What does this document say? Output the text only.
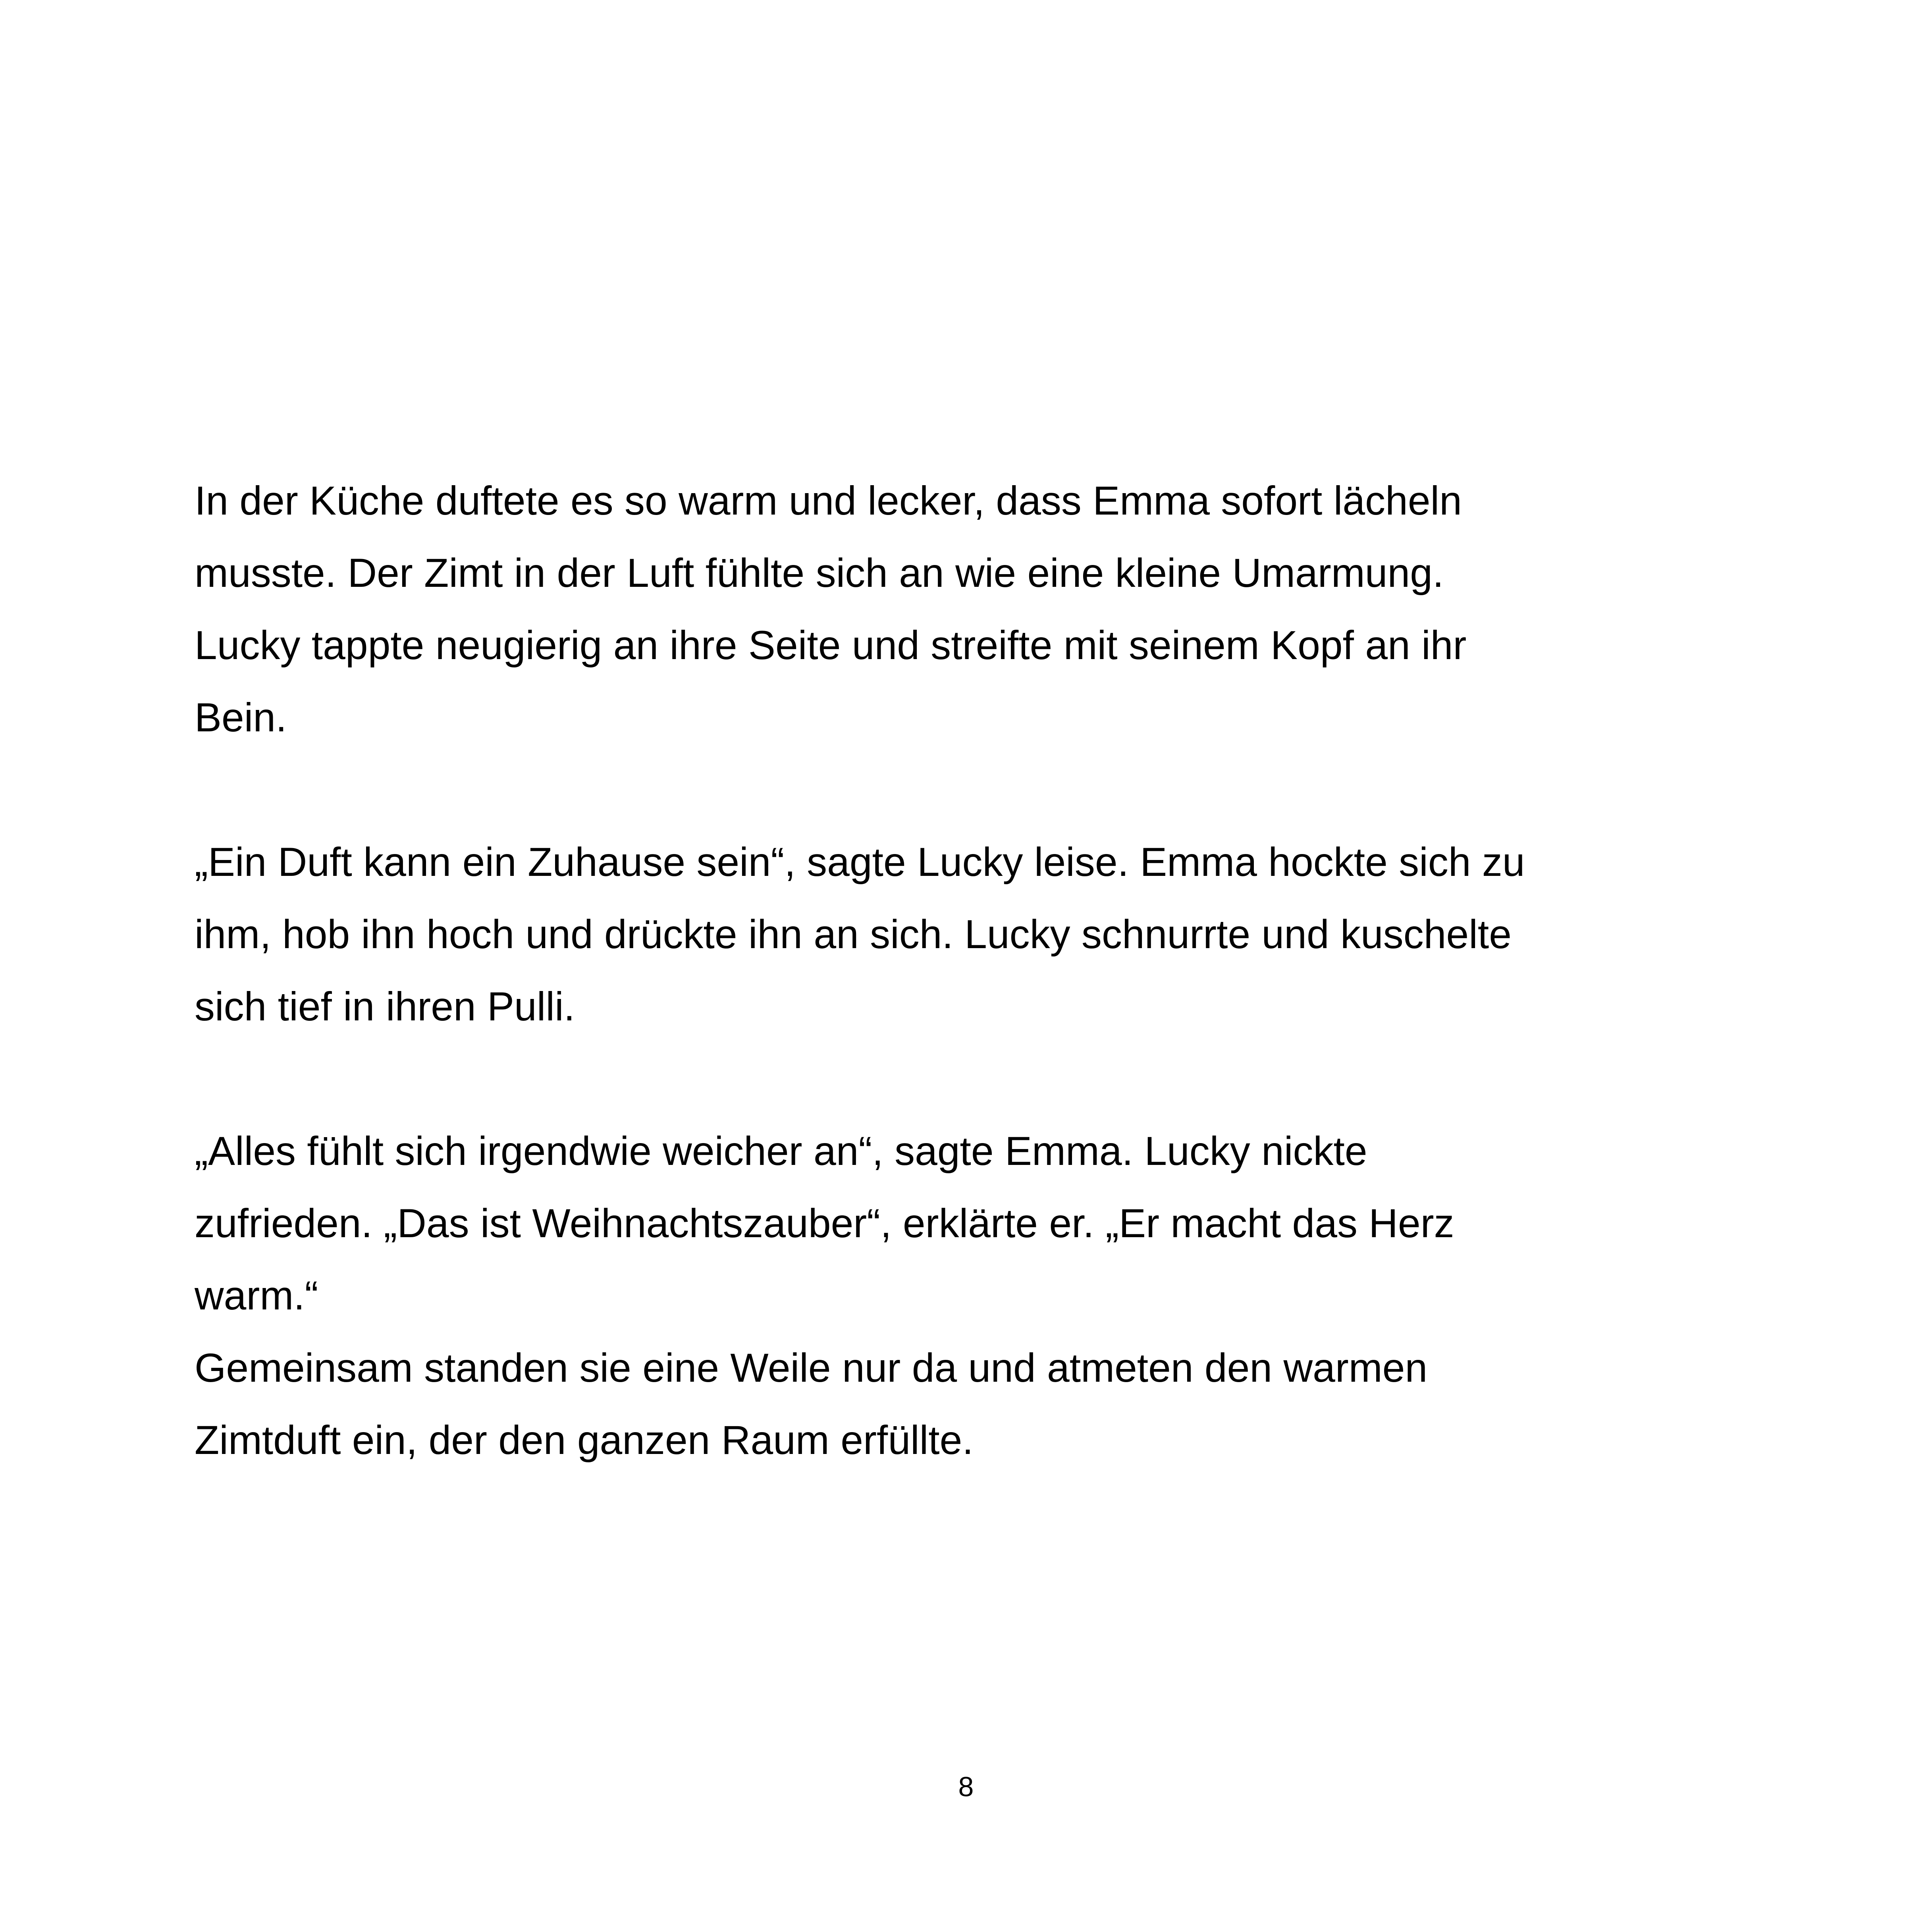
In der Küche duftete es so warm und lecker, dass Emma sofort lächeln
musste. Der Zimt in der Luft fühlte sich an wie eine kleine Umarmung.
Lucky tappte neugierig an ihre Seite und streifte mit seinem Kopf an ihr
Bein.
„Ein Duft kann ein Zuhause sein“, sagte Lucky leise. Emma hockte sich zu
ihm, hob ihn hoch und drückte ihn an sich. Lucky schnurrte und kuschelte
sich tief in ihren Pulli.
„Alles fühlt sich irgendwie weicher an“, sagte Emma. Lucky nickte
zufrieden. „Das ist Weihnachtszauber“, erklärte er. „Er macht das Herz
warm.“
Gemeinsam standen sie eine Weile nur da und atmeten den warmen
Zimtduft ein, der den ganzen Raum erfüllte.
8
